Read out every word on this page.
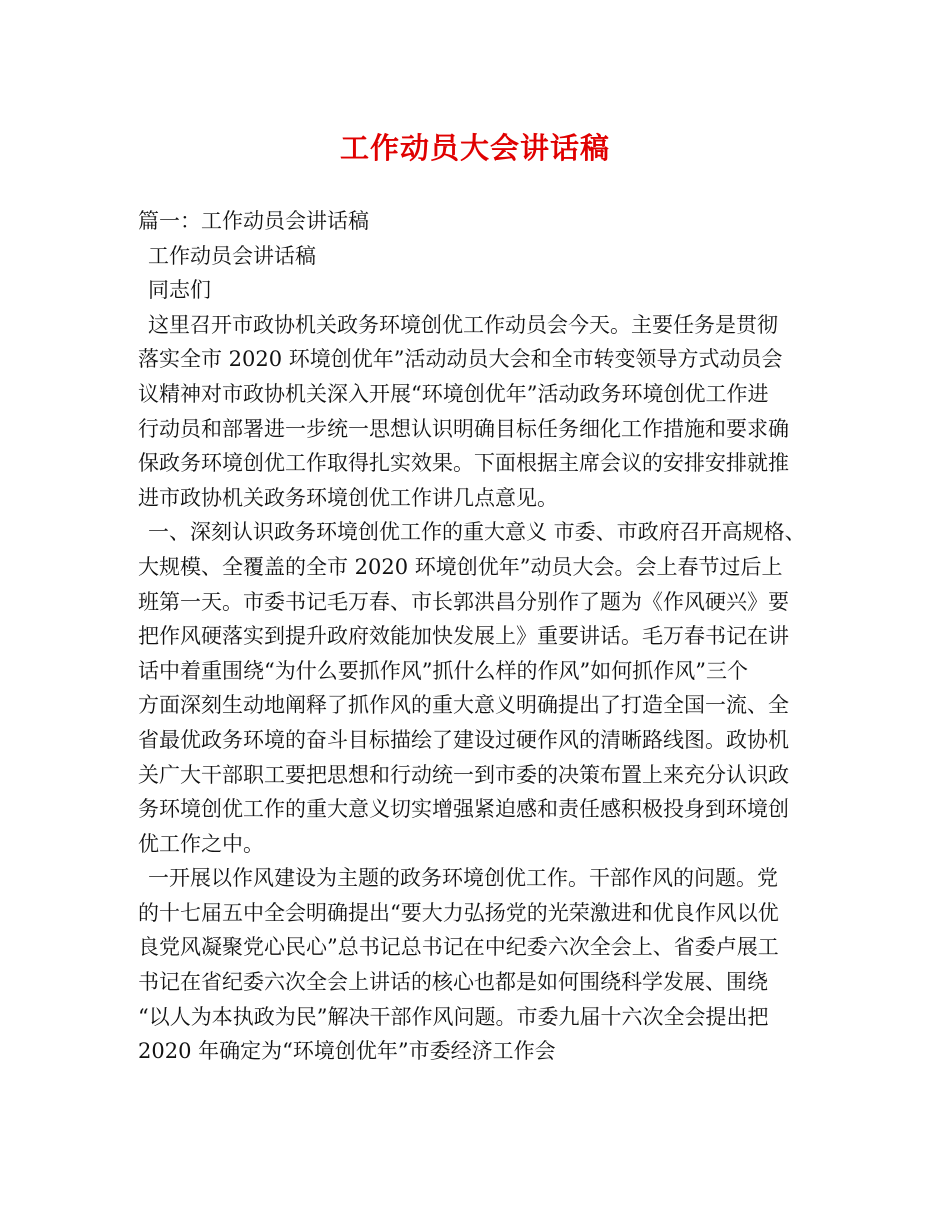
工作动员大会讲话稿
篇一：工作动员会讲话稿
工作动员会讲话稿
同志们
这里召开市政协机关政务环境创优工作动员会今天。主要任务是贯彻
落实全市 2020 环境创优年”活动动员大会和全市转变领导方式动员会
议精神对市政协机关深入开展“环境创优年”活动政务环境创优工作进
行动员和部署进一步统一思想认识明确目标任务细化工作措施和要求确
保政务环境创优工作取得扎实效果。下面根据主席会议的安排安排就推
进市政协机关政务环境创优工作讲几点意见。
一、深刻认识政务环境创优工作的重大意义 市委、市政府召开高规格、
大规模、全覆盖的全市 2020 环境创优年”动员大会。会上春节过后上
班第一天。市委书记毛万春、市长郭洪昌分别作了题为《作风硬兴》要
把作风硬落实到提升政府效能加快发展上》重要讲话。毛万春书记在讲
话中着重围绕“为什么要抓作风”抓什么样的作风”如何抓作风”三个
方面深刻生动地阐释了抓作风的重大意义明确提出了打造全国一流、全
省最优政务环境的奋斗目标描绘了建设过硬作风的清晰路线图。政协机
关广大干部职工要把思想和行动统一到市委的决策布置上来充分认识政
务环境创优工作的重大意义切实增强紧迫感和责任感积极投身到环境创
优工作之中。
一开展以作风建设为主题的政务环境创优工作。干部作风的问题。党
的十七届五中全会明确提出“要大力弘扬党的光荣激进和优良作风以优
良党风凝聚党心民心”总书记总书记在中纪委六次全会上、省委卢展工
书记在省纪委六次全会上讲话的核心也都是如何围绕科学发展、围绕
“以人为本执政为民”解决干部作风问题。市委九届十六次全会提出把
2020 年确定为“环境创优年”市委经济工作会
